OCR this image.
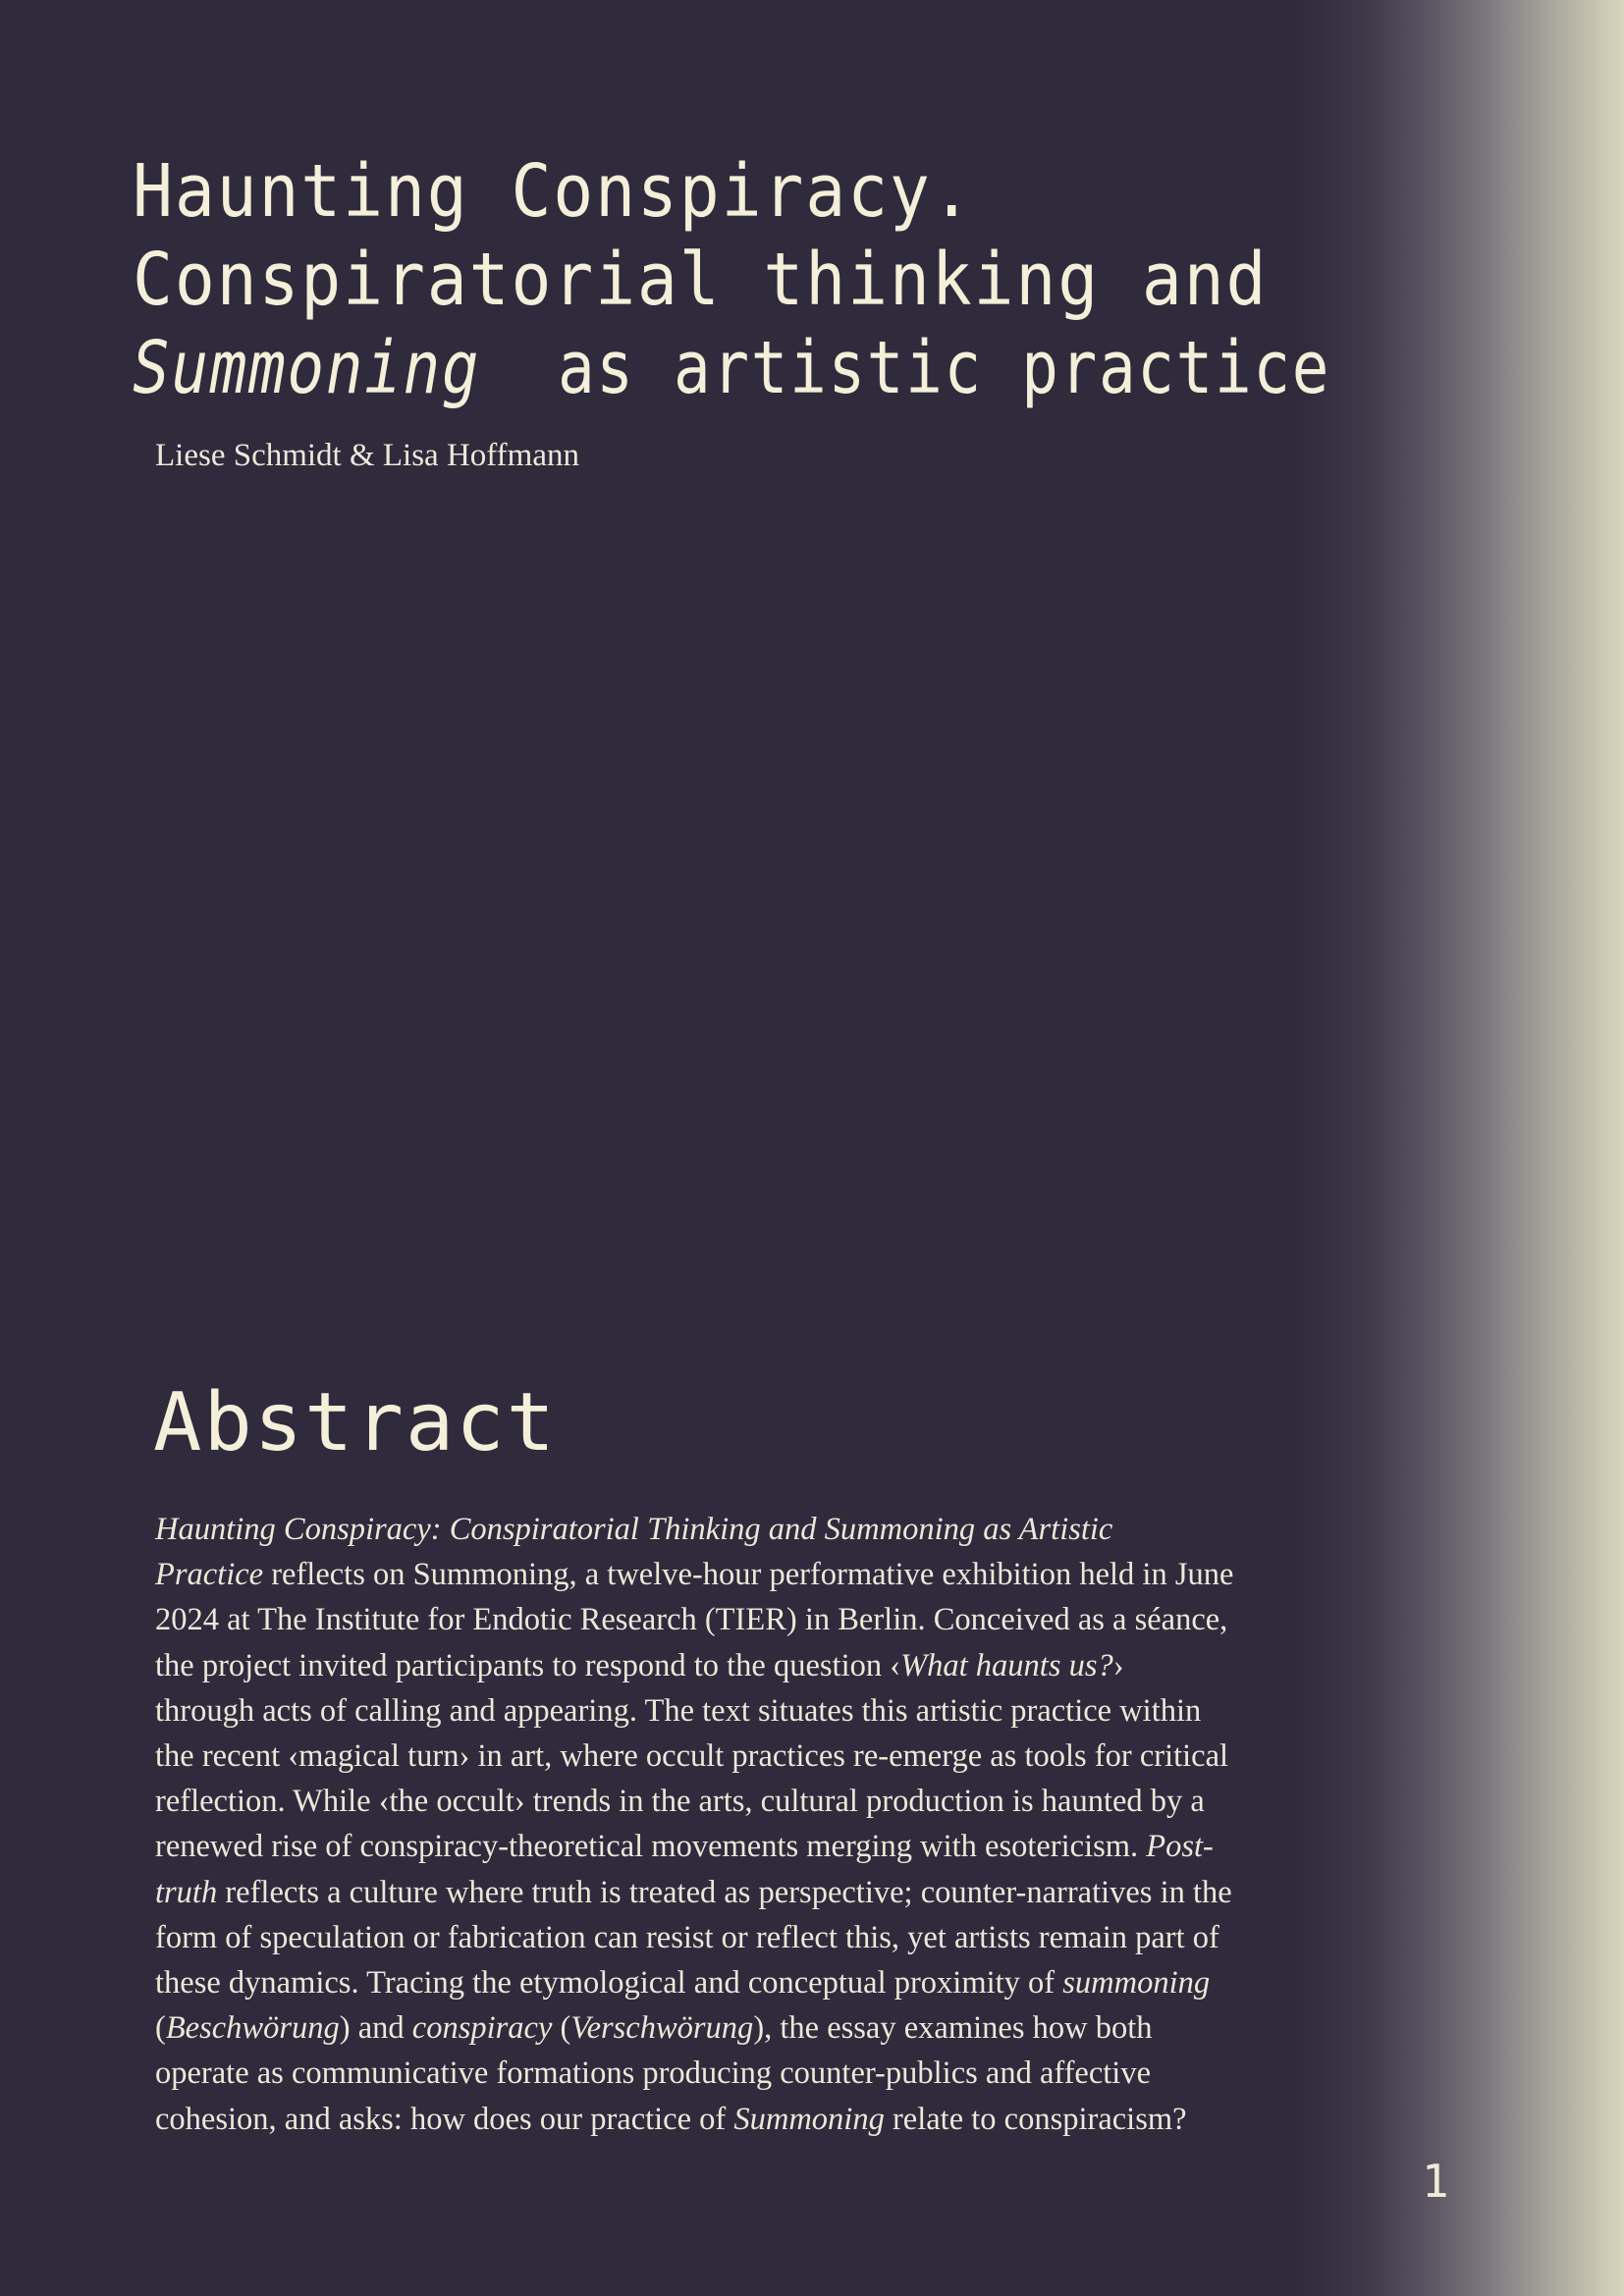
Haunting Conspiracy.
Conspiratorial thinking and
Summoning as artistic practice
Liese Schmidt & Lisa Hoffmann
Abstract
Haunting Conspiracy: Conspiratorial Thinking and Summoning as Artistic
Practice reflects on Summoning, a twelve-hour performative exhibition held in June
2024 at The Institute for Endotic Research (TIER) in Berlin. Conceived as a séance,
the project invited participants to respond to the question ‹What haunts us?›
through acts of calling and appearing. The text situates this artistic practice within
the recent ‹magical turn› in art, where occult practices re-emerge as tools for critical
reflection. While ‹the occult› trends in the arts, cultural production is haunted by a
renewed rise of conspiracy-theoretical movements merging with esotericism. Post-
truth reflects a culture where truth is treated as perspective; counter-narratives in the
form of speculation or fabrication can resist or reflect this, yet artists remain part of
these dynamics. Tracing the etymological and conceptual proximity of summoning
(Beschwörung) and conspiracy (Verschwörung), the essay examines how both
operate as communicative formations producing counter-publics and affective
cohesion, and asks: how does our practice of Summoning relate to conspiracism?
1
